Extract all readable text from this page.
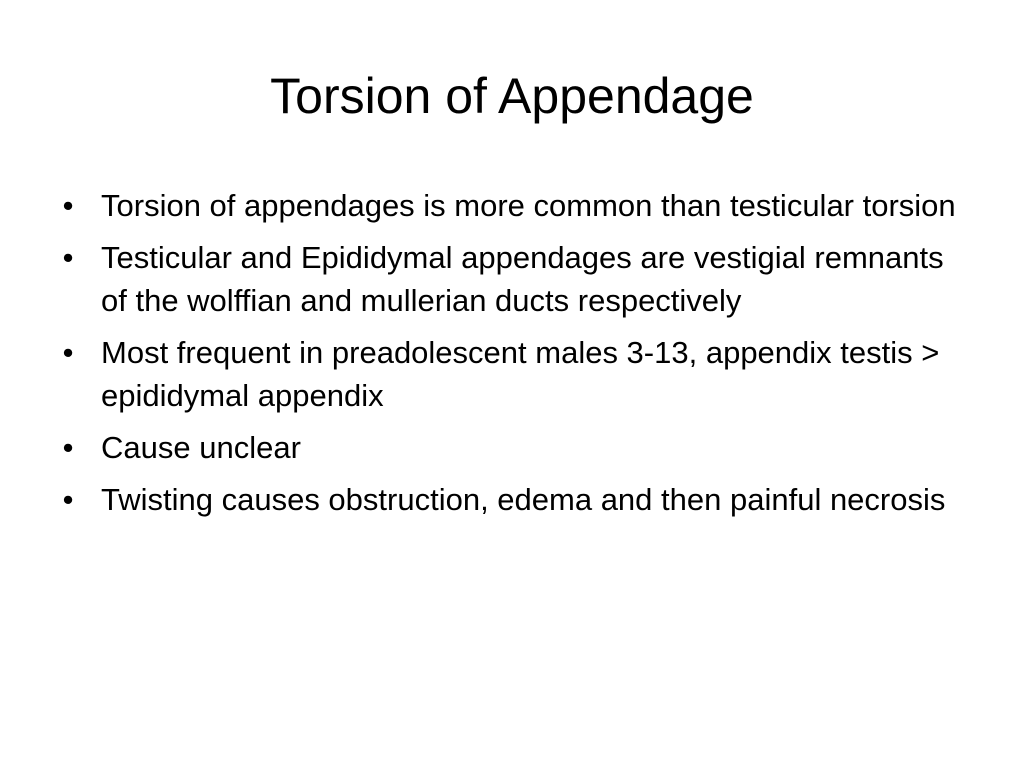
Torsion of Appendage
• Torsion of appendages is more common than testicular torsion
• Testicular and Epididymal appendages are vestigial remnants of the wolffian and mullerian ducts respectively
• Most frequent in preadolescent males 3-13, appendix testis > epididymal appendix
• Cause unclear
• Twisting causes obstruction, edema and then painful necrosis
